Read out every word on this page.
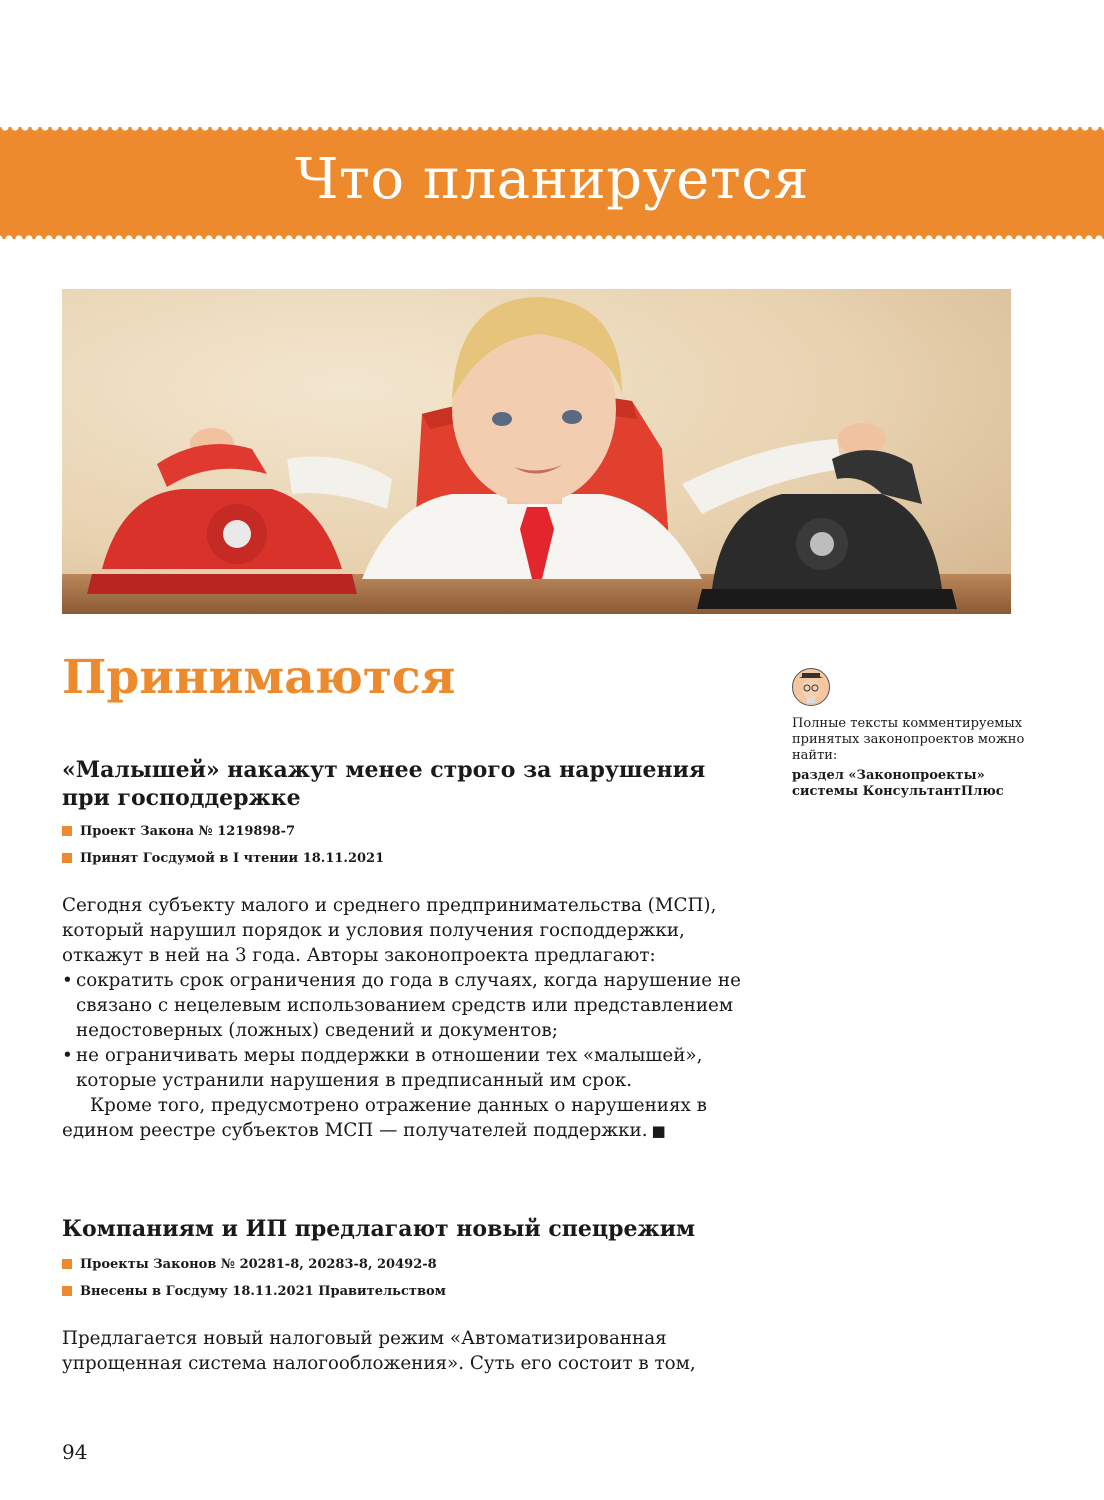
Что планируется
Принимаются
«Малышей» накажут менее строго за нарушения при господдержке
Проект Закона № 1219898-7
Принят Госдумой в I чтении 18.11.2021

Сегодня субъекту малого и среднего предпринимательства (МСП), который нарушил порядок и условия получения господдержки, откажут в ней на 3 года. Авторы законопроекта предлагают:

• сократить срок ограничения до года в случаях, когда нарушение не связано с нецелевым использованием средств или представлением недостоверных (ложных) сведений и документов;
• не ограничивать меры поддержки в отношении тех «малышей», которые устранили нарушения в предписанный им срок.

Кроме того, предусмотрено отражение данных о нарушениях в едином реестре субъектов МСП — получателей поддержки. ■

Компаниям и ИП предлагают новый спецрежим
Проекты Законов № 20281-8, 20283-8, 20492-8
Внесены в Госдуму 18.11.2021 Правительством

Предлагается новый налоговый режим «Автоматизированная упрощенная система налогообложения». Суть его состоит в том,

Полные тексты комментируемых принятых законопроектов можно найти:

раздел «Законопроекты» системы КонсультантПлюс

94
